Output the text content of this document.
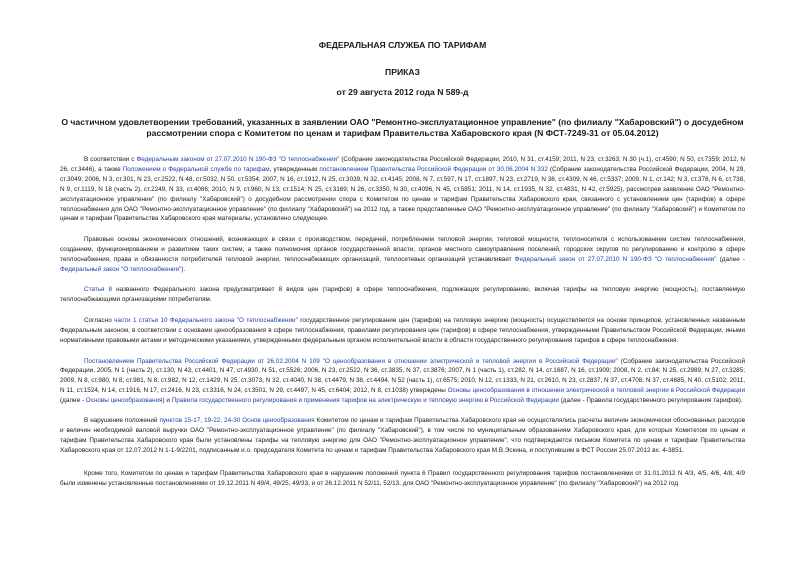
ФЕДЕРАЛЬНАЯ СЛУЖБА ПО ТАРИФАМ

ПРИКАЗ

от 29 августа 2012 года N 589-д

О частичном удовлетворении требований, указанных в заявлении ОАО "Ремонтно-эксплуатационное управление" (по филиалу "Хабаровский") о досудебном рассмотрении спора с Комитетом по ценам и тарифам Правительства Хабаровского края (N ФСТ-7249-31 от 05.04.2012)

В соответствии с Федеральным законом от 27.07.2010 N 190-ФЗ "О теплоснабжении" (Собрание законодательства Российской Федерации, 2010, N 31, ст.4159; 2011, N 23, ст.3263; N 30 (ч.1), ст.4590; N 50, ст.7359; 2012, N 26, ст.3446), а также Положением о Федеральной службе по тарифам, утвержденным постановлением Правительства Российской Федерации от 30.06.2004 N 332 (Собрание законодательства Российской Федерации, 2004, N 29, ст.3049; 2006, N 3, ст.301, N 23, ст.2522, N 48, ст.5032, N 50, ст.5354; 2007, N 16, ст.1912, N 25, ст.3039, N 32, ст.4145; 2008, N 7, ст.597, N 17, ст.1897, N 23, ст.2719, N 38, ст.4309, N 46, ст.5337; 2009, N 1, ст.142; N 3, ст.378, N 6, ст.738, N 9, ст.1119, N 18 (часть 2), ст.2249, N 33, ст.4086; 2010, N 9, ст.960, N 13, ст.1514; N 25, ст.3169; N 26, ст.3350, N 30, ст.4096, N 45, ст.5851; 2011, N 14, ст.1935, N 32, ст.4831, N 42, ст.5925), рассмотрев заявление ОАО "Ремонтно-эксплуатационное управление" (по филиалу "Хабаровский") о досудебном рассмотрении спора с Комитетом по ценам и тарифам Правительства Хабаровского края, связанного с установлением цен (тарифов) в сфере теплоснабжения для ОАО "Ремонтно-эксплуатационное управление" (по филиалу "Хабаровский") на 2012 год, а также представленные ОАО "Ремонтно-эксплуатационное управление" (по филиалу "Хабаровский") и Комитетом по ценам и тарифам Правительства Хабаровского края материалы, установлено следующее.

Правовые основы экономических отношений, возникающих в связи с производством, передачей, потреблением тепловой энергии, тепловой мощности, теплоносителя с использованием систем теплоснабжения, созданием, функционированием и развитием таких систем, а также полномочия органов государственной власти, органов местного самоуправления поселений, городских округов по регулированию и контролю в сфере теплоснабжения, права и обязанности потребителей тепловой энергии, теплоснабжающих организаций, теплосетевых организаций устанавливает Федеральный закон от 27.07.2010 N 190-ФЗ "О теплоснабжении" (далее - Федеральный закон "О теплоснабжении").

Статья 8 названного Федерального закона предусматривает 8 видов цен (тарифов) в сфере теплоснабжения, подлежащих регулированию, включая тарифы на тепловую энергию (мощность), поставляемую теплоснабжающими организациями потребителям.

Согласно части 1 статьи 10 Федерального закона "О теплоснабжении" государственное регулирование цен (тарифов) на тепловую энергию (мощность) осуществляется на основе принципов, установленных названным Федеральным законом, в соответствии с основами ценообразования в сфере теплоснабжения, правилами регулирования цен (тарифов) в сфере теплоснабжения, утвержденными Правительством Российской Федерации, иными нормативными правовыми актами и методическими указаниями, утвержденными федеральным органом исполнительной власти в области государственного регулирования тарифов в сфере теплоснабжения.

Постановлением Правительства Российской Федерации от 26.02.2004 N 109 "О ценообразовании в отношении электрической и тепловой энергии в Российской Федерации" (Собрание законодательства Российской Федерации, 2005, N 1 (часть 2), ст.130, N 43, ст.4401, N 47, ст.4930, N 51, ст.5526; 2006, N 23, ст.2522, N 36, ст.3835, N 37, ст.3876; 2007, N 1 (часть 1), ст.282, N 14, ст.1687, N 16, ст.1909; 2008, N 2, ст.84; N 25, ст.2989; N 27, ст.3285; 2009, N 8, ст.980, N 8, ст.981, N 8, ст.982, N 12, ст.1429, N 25, ст.3073, N 32, ст.4040, N 38, ст.4479, N 38, ст.4494, N 52 (часть 1), ст.6575; 2010, N 12, ст.1333, N 21, ст.2610, N 23, ст.2837, N 37, ст.4708, N 37, ст.4685, N 40, ст.5102; 2011, N 11, ст.1524, N 14, ст.1916, N 17, ст.2416, N 23, ст.3316, N 24, ст.3501, N 29, ст.4497, N 45, ст.6404; 2012, N 8, ст.1038) утверждены Основы ценообразования в отношении электрической и тепловой энергии в Российской Федерации (далее - Основы ценообразования) и Правила государственного регулирования и применения тарифов на электрическую и тепловую энергию в Российской Федерации (далее - Правила государственного регулирования тарифов).

В нарушение положений пунктов 15-17, 19-22, 24-30 Основ ценообразования Комитетом по ценам и тарифам Правительства Хабаровского края не осуществлялись расчеты величин экономически обоснованных расходов и величин необходимой валовой выручки ОАО "Ремонтно-эксплуатационное управление" (по филиалу "Хабаровский"), в том числе по муниципальным образованиям Хабаровского края, для которых Комитетом по ценам и тарифам Правительства Хабаровского края были установлены тарифы на тепловую энергию для ОАО "Ремонтно-эксплуатационное управление", что подтверждается письмом Комитета по ценам и тарифам Правительства Хабаровского края от 12.07.2012 N 1-1-9/2201, подписанным и.о. председателя Комитета по ценам и тарифам Правительства Хабаровского края М.В.Эскина, и поступившим в ФСТ России 25.07.2012 вх. 4-3851.

Кроме того, Комитетом по ценам и тарифам Правительства Хабаровского края в нарушение положений пункта 6 Правил государственного регулирования тарифов постановлениями от 31.01.2012 N 4/3, 4/5, 4/6, 4/8, 4/9 были изменены установленные постановлениями от 19.12.2011 N 49/4, 49/25, 49/33, и от 26.12.2011 N 52/11, 52/13, для ОАО "Ремонтно-эксплуатационное управление" (по филиалу "Хабаровский") на 2012 год
